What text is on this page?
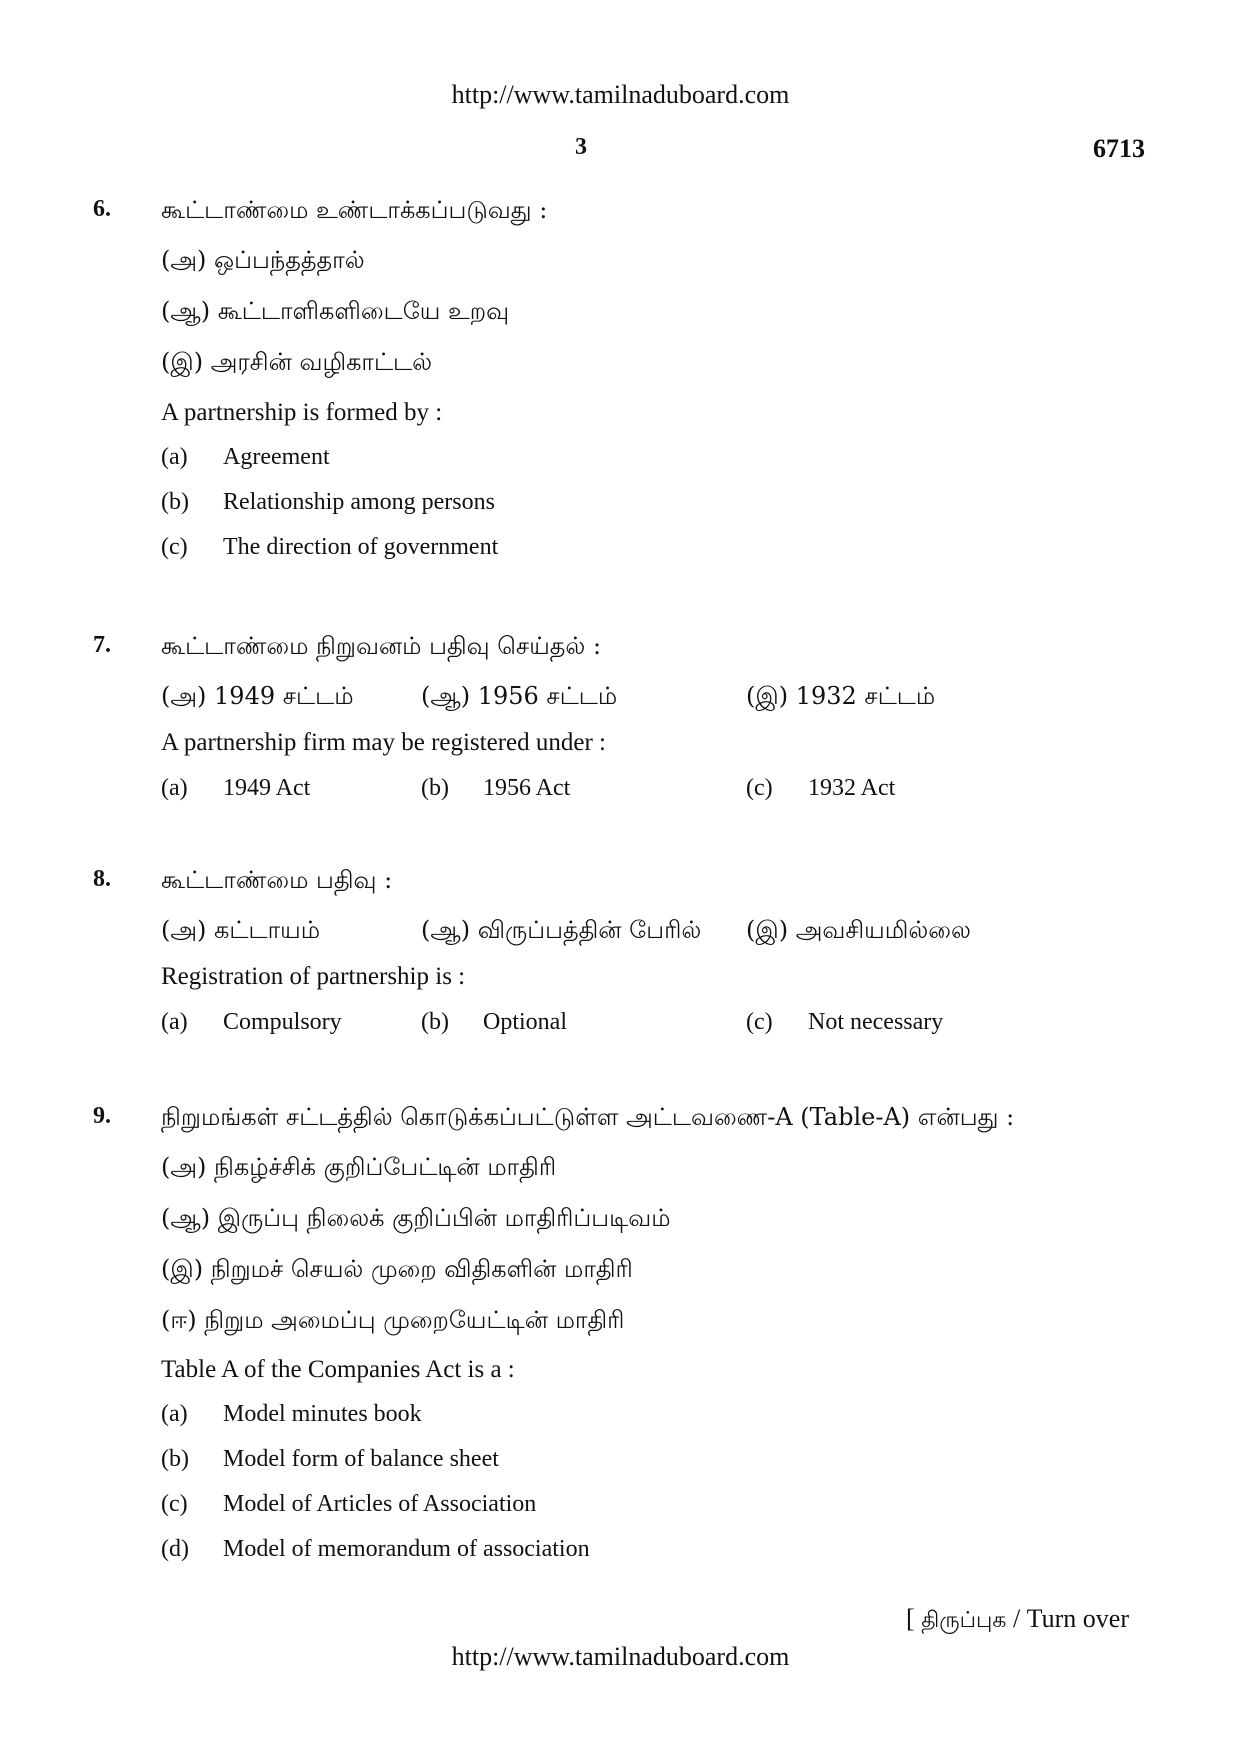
http://www.tamilnaduboard.com
3	6713
6. கூட்டாண்மை உண்டாக்கப்படுவது :
(அ) ஒப்பந்தத்தால்
(ஆ) கூட்டாளிகளிடையே உறவு
(இ) அரசின் வழிகாட்டல்
A partnership is formed by :
(a) Agreement
(b) Relationship among persons
(c) The direction of government
7. கூட்டாண்மை நிறுவனம் பதிவு செய்தல் :
(அ) 1949 சட்டம்	(ஆ) 1956 சட்டம்	(இ) 1932 சட்டம்
A partnership firm may be registered under :
(a) 1949 Act	(b) 1956 Act	(c) 1932 Act
8. கூட்டாண்மை பதிவு :
(அ) கட்டாயம்	(ஆ) விருப்பத்தின் பேரில் (இ) அவசியமில்லை
Registration of partnership is :
(a) Compulsory	(b) Optional	(c) Not necessary
9. நிறுமங்கள் சட்டத்தில் கொடுக்கப்பட்டுள்ள அட்டவணை-A (Table-A) என்பது :
(அ) நிகழ்ச்சிக் குறிப்பேட்டின் மாதிரி
(ஆ) இருப்பு நிலைக் குறிப்பின் மாதிரிப்படிவம்
(இ) நிறுமச் செயல் முறை விதிகளின் மாதிரி
(ஈ) நிறும அமைப்பு முறையேட்டின் மாதிரி
Table A of the Companies Act is a :
(a) Model minutes book
(b) Model form of balance sheet
(c) Model of Articles of Association
(d) Model of memorandum of association
[ திருப்புக / Turn over
http://www.tamilnaduboard.com
